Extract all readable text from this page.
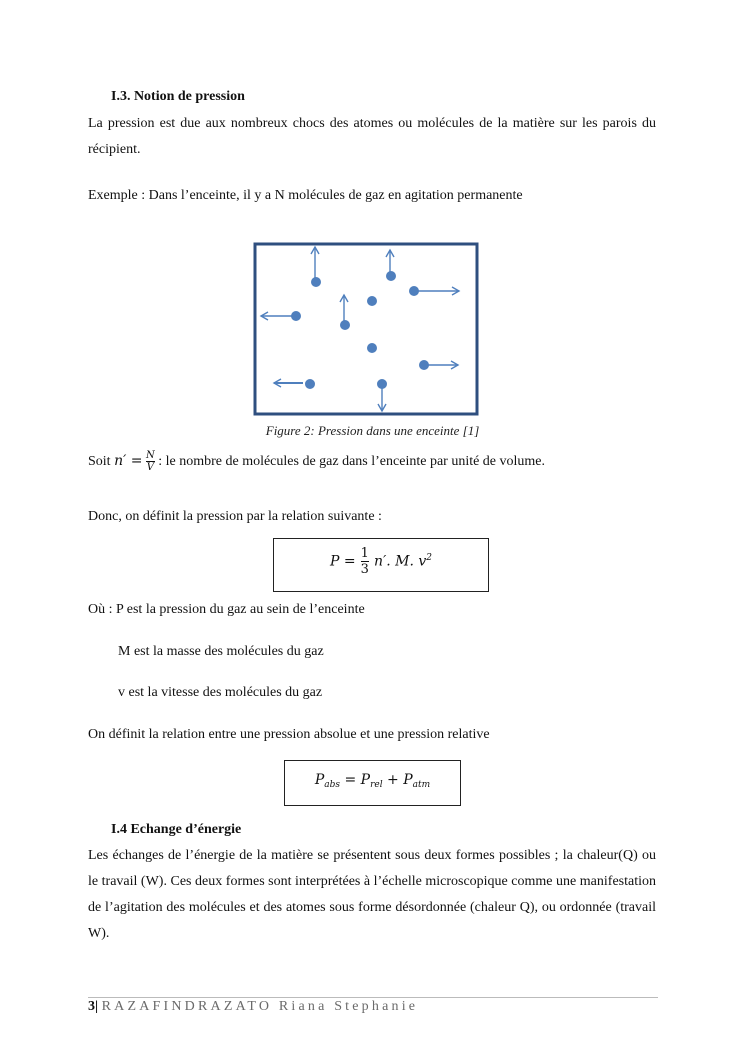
I.3. Notion de pression
La pression est due aux nombreux chocs des atomes ou molécules de la matière sur les parois du récipient.
Exemple : Dans l’enceinte, il y a N molécules de gaz en agitation permanente
Figure 2: Pression dans une enceinte [1]
Soit $n' = \frac{N}{V}$ : le nombre de molécules de gaz dans l’enceinte par unité de volume.
Donc, on définit la pression par la relation suivante :
$P = \frac{1}{3} n'$. M. $v^2$
Où : P est la pression du gaz au sein de l’enceinte
M est la masse des molécules du gaz
v est la vitesse des molécules du gaz
On définit la relation entre une pression absolue et une pression relative
$P_{abs} = P_{rel} + P_{atm}$
I.4 Echange d’énergie
Les échanges de l’énergie de la matière se présentent sous deux formes possibles ; la chaleur(Q) ou le travail (W). Ces deux formes sont interprétées à l’échelle microscopique comme une manifestation de l’agitation des molécules et des atomes sous forme désordonnée (chaleur Q), ou ordonnée (travail W).
3| RAZAFINDRAZATO Riana Stephanie
